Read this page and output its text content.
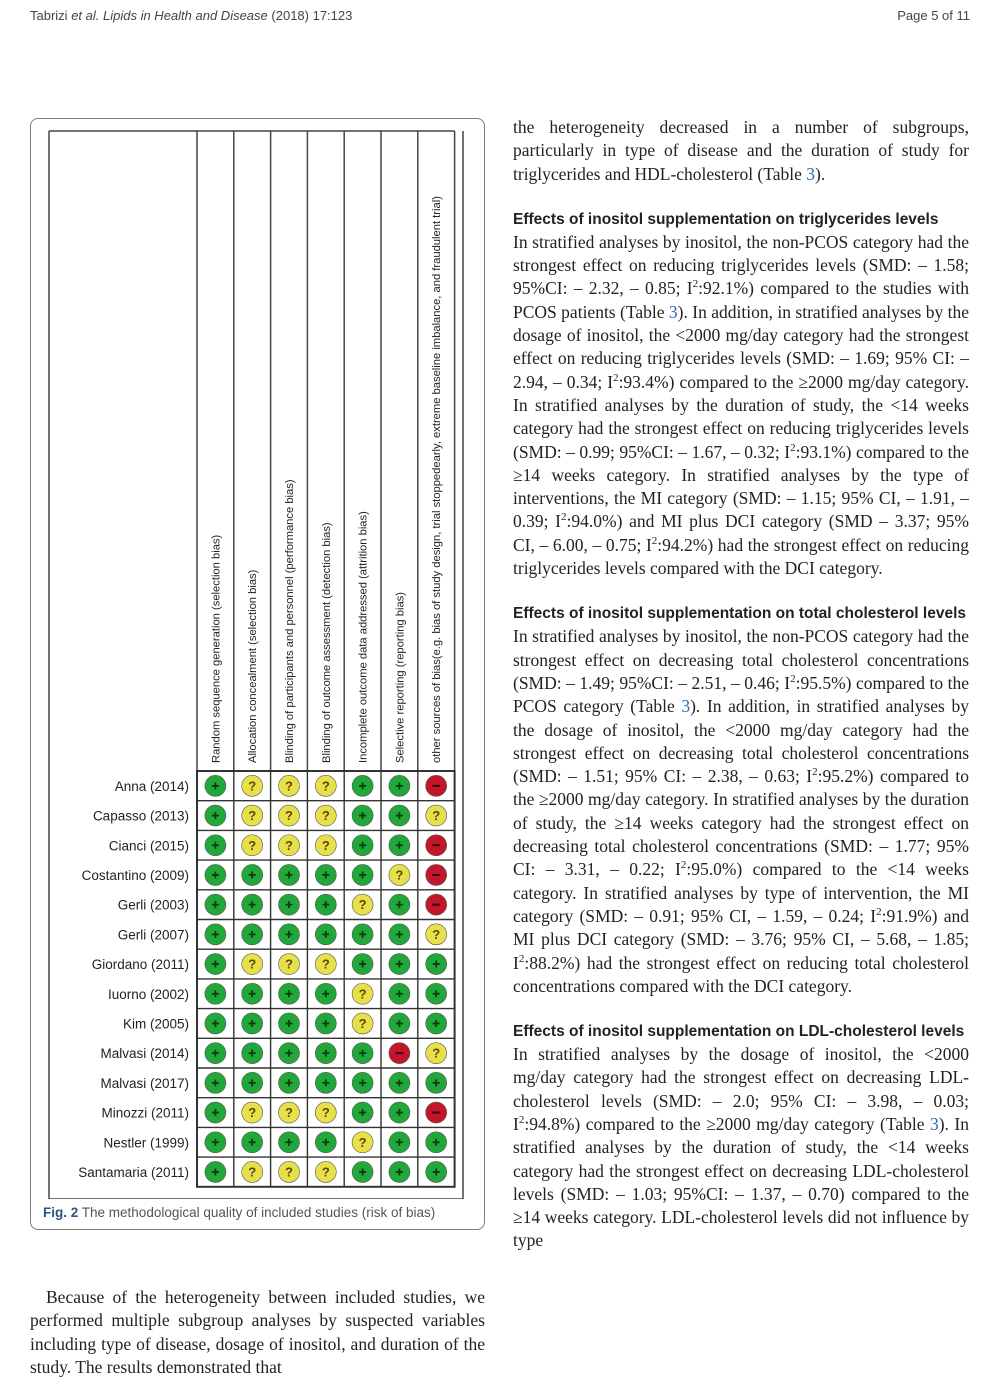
Tabrizi et al. Lipids in Health and Disease (2018) 17:123	Page 5 of 11
? ? ?
? ? ?	?
? ? ?
?
?
?
? ? ?
?
?
?
? ? ?
?
? ? ?
Random sequence generation (selection bias) Allocation concealment (selection bias) Blinding of participants and personnel (performance bias) Blinding of outcome assessment (detection bias) Incomplete outcome data addressed (attrition bias) Selective reporting (reporting bias) other sources of bias(e.g. bias of study design, trial stoppedearly, extreme baseline imbalance, and fraudulent trial)
Anna (2014)
Capasso (2013)
Cianci (2015)
Costantino (2009)
Gerli (2003)
Gerli (2007)
Giordano (2011)
Iuorno (2002)
Kim (2005)
Malvasi (2014)
Malvasi (2017)
Minozzi (2011)
Nestler (1999)
Santamaria (2011)
Fig. 2 The methodological quality of included studies (risk of bias)

Because of the heterogeneity between included studies, we performed multiple subgroup analyses by suspected variables including type of disease, dosage of inositol, and duration of the study. The results demonstrated that

the heterogeneity decreased in a number of subgroups, particularly in type of disease and the duration of study for triglycerides and HDL-cholesterol (Table 3).

Effects of inositol supplementation on triglycerides levels

In stratified analyses by inositol, the non-PCOS category had the strongest effect on reducing triglycerides levels (SMD: – 1.58; 95%CI: – 2.32, – 0.85; $I^2:92.1\%$) compared to the studies with PCOS patients (Table 3). In addition, in stratified analyses by the dosage of inositol, the <2000 mg/day category had the strongest effect on reducing triglycerides levels (SMD: – 1.69; 95% CI: – 2.94, – 0.34; $I^2:93.4\%$) compared to the ≥2000 mg/day category. In stratified analyses by the duration of study, the <14 weeks category had the strongest effect on reducing triglycerides levels (SMD: – 0.99; 95%CI: – 1.67, – 0.32; $I^2:93.1\%$) compared to the ≥14 weeks category. In stratified analyses by the type of interventions, the MI category (SMD: – 1.15; 95% CI, – 1.91, – 0.39; $I^2:94.0\%$) and MI plus DCI category (SMD – 3.37; 95% CI, – 6.00, – 0.75; $I^2:94.2\%$) had the strongest effect on reducing triglycerides levels compared with the DCI category.

Effects of inositol supplementation on total cholesterol levels

In stratified analyses by inositol, the non-PCOS category had the strongest effect on decreasing total cholesterol concentrations (SMD: – 1.49; 95%CI: – 2.51, – 0.46; $I^2:95.5\%$) compared to the PCOS category (Table 3). In addition, in stratified analyses by the dosage of inositol, the <2000 mg/day category had the strongest effect on decreasing total cholesterol concentrations (SMD: – 1.51; 95% CI: – 2.38, – 0.63; $I^2:95.2\%$) compared to the ≥2000 mg/day category. In stratified analyses by the duration of study, the ≥14 weeks category had the strongest effect on decreasing total cholesterol concentrations (SMD: – 1.77; 95% CI: – 3.31, – 0.22; $I^2:95.0\%$) compared to the <14 weeks category. In stratified analyses by type of intervention, the MI category (SMD: – 0.91; 95% CI, – 1.59, – 0.24; $I^2:91.9\%$) and MI plus DCI category (SMD: – 3.76; 95% CI, – 5.68, – 1.85; $I^2:88.2\%$) had the strongest effect on reducing total cholesterol concentrations compared with the DCI category.

Effects of inositol supplementation on LDL-cholesterol levels

In stratified analyses by the dosage of inositol, the <2000 mg/day category had the strongest effect on decreasing LDL-cholesterol levels (SMD: – 2.0; 95% CI: – 3.98, – 0.03; $I^2:94.8\%$) compared to the ≥2000 mg/day category (Table 3). In stratified analyses by the duration of study, the <14 weeks category had the strongest effect on decreasing LDL-cholesterol levels (SMD: – 1.03; 95%CI: – 1.37, – 0.70) compared to the ≥14 weeks category. LDL-cholesterol levels did not influence by type
